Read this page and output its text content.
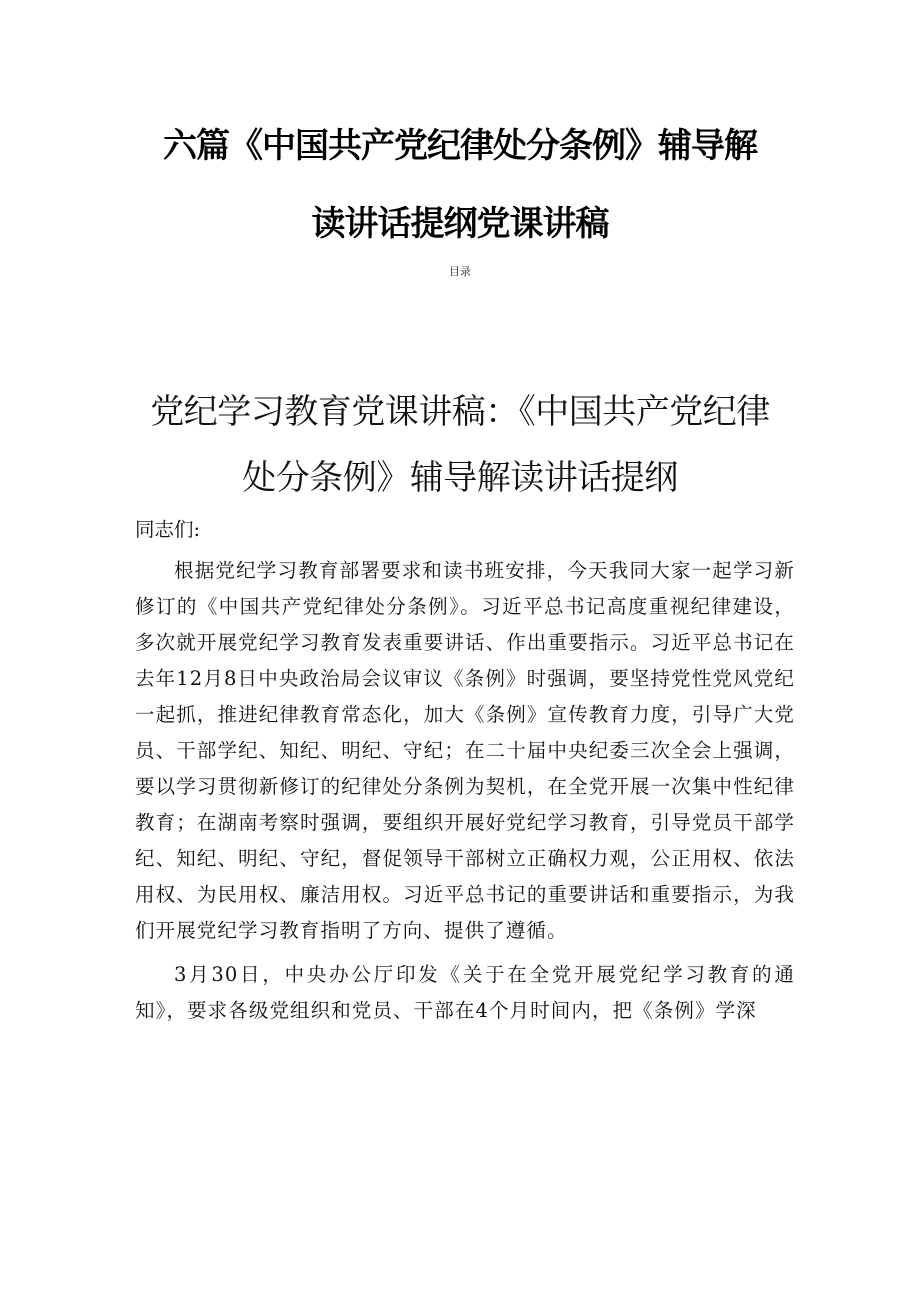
六篇《中国共产党纪律处分条例》辅导解
读讲话提纲党课讲稿
目录
党纪学习教育党课讲稿：《中国共产党纪律
处分条例》辅导解读讲话提纲

同志们:

根据党纪学习教育部署要求和读书班安排，今天我同大家一起学习新修订的《中国共产党纪律处分条例》。习近平总书记高度重视纪律建设，多次就开展党纪学习教育发表重要讲话、作出重要指示。习近平总书记在去年12月8日中央政治局会议审议《条例》时强调，要坚持党性党风党纪一起抓，推进纪律教育常态化，加大《条例》宣传教育力度，引导广大党员、干部学纪、知纪、明纪、守纪；在二十届中央纪委三次全会上强调，要以学习贯彻新修订的纪律处分条例为契机，在全党开展一次集中性纪律教育；在湖南考察时强调，要组织开展好党纪学习教育，引导党员干部学纪、知纪、明纪、守纪，督促领导干部树立正确权力观，公正用权、依法用权、为民用权、廉洁用权。习近平总书记的重要讲话和重要指示，为我们开展党纪学习教育指明了方向、提供了遵循。

3月30日，中央办公厅印发《关于在全党开展党纪学习教育的通知》，要求各级党组织和党员、干部在4个月时间内，把《条例》学深
